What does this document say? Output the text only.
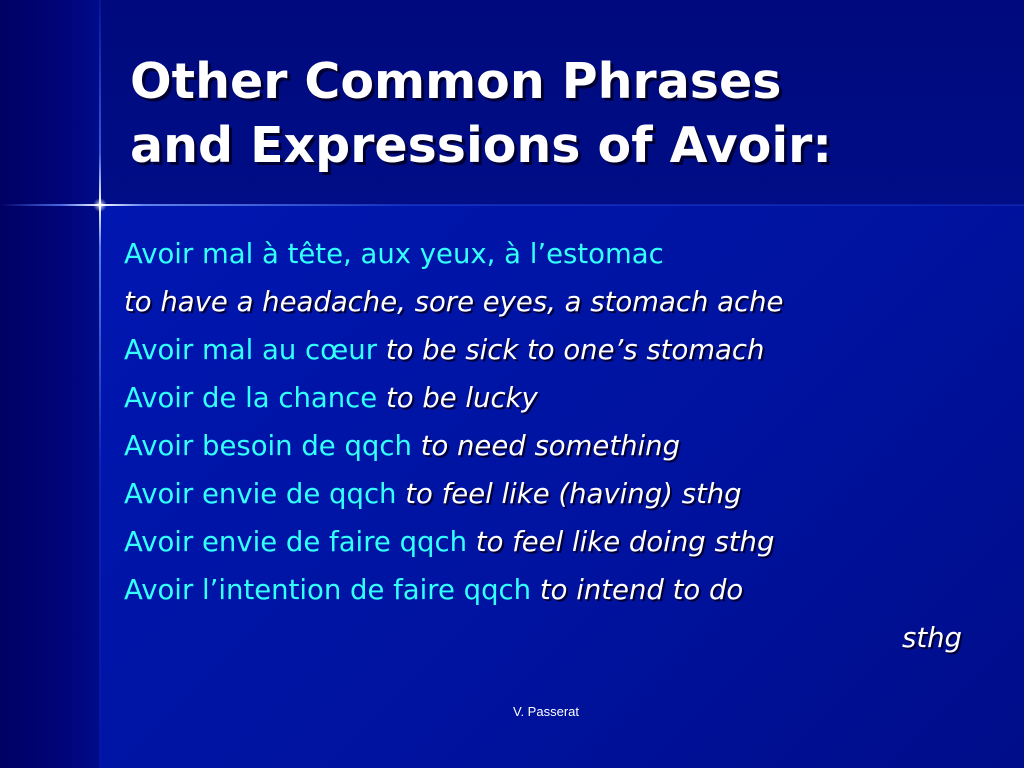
Other Common Phrases
and Expressions of Avoir:
Avoir mal à tête, aux yeux, à l’estomac
to have a headache, sore eyes, a stomach ache
Avoir mal au cœur to be sick to one’s stomach
Avoir de la chance to be lucky
Avoir besoin de qqch to need something
Avoir envie de qqch to feel like (having) sthg
Avoir envie de faire qqch to feel like doing sthg
Avoir l’intention de faire qqch to intend to do
sthg
V. Passerat
